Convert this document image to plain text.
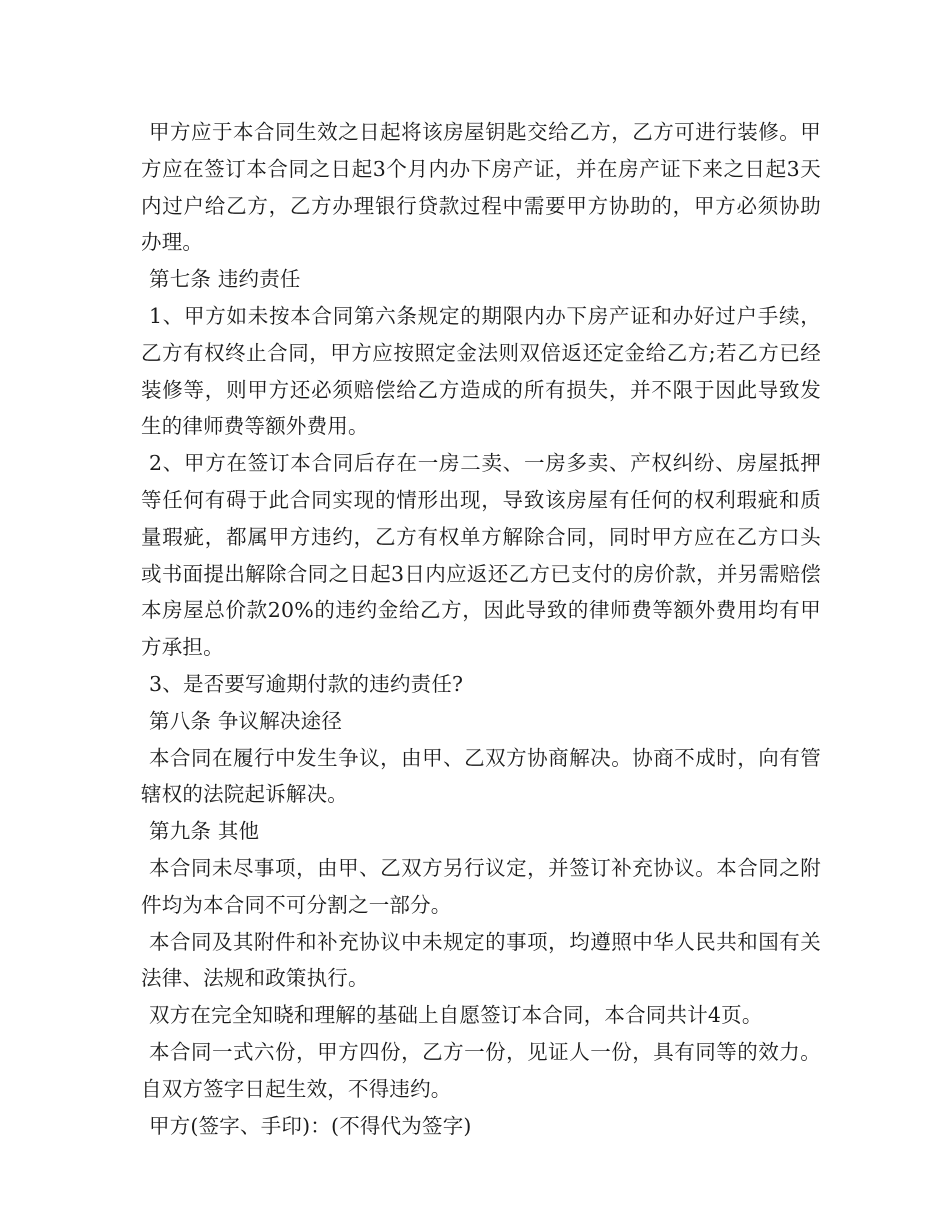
甲方应于本合同生效之日起将该房屋钥匙交给乙方，乙方可进行装修。甲方应在签订本合同之日起3个月内办下房产证，并在房产证下来之日起3天内过户给乙方，乙方办理银行贷款过程中需要甲方协助的，甲方必须协助办理。

第七条 违约责任

1、甲方如未按本合同第六条规定的期限内办下房产证和办好过户手续，乙方有权终止合同，甲方应按照定金法则双倍返还定金给乙方;若乙方已经装修等，则甲方还必须赔偿给乙方造成的所有损失，并不限于因此导致发生的律师费等额外费用。

2、甲方在签订本合同后存在一房二卖、一房多卖、产权纠纷、房屋抵押等任何有碍于此合同实现的情形出现，导致该房屋有任何的权利瑕疵和质量瑕疵，都属甲方违约，乙方有权单方解除合同，同时甲方应在乙方口头或书面提出解除合同之日起3日内应返还乙方已支付的房价款，并另需赔偿本房屋总价款20%的违约金给乙方，因此导致的律师费等额外费用均有甲方承担。

3、是否要写逾期付款的违约责任?

第八条 争议解决途径

本合同在履行中发生争议，由甲、乙双方协商解决。协商不成时，向有管辖权的法院起诉解决。

第九条 其他

本合同未尽事项，由甲、乙双方另行议定，并签订补充协议。本合同之附件均为本合同不可分割之一部分。

本合同及其附件和补充协议中未规定的事项，均遵照中华人民共和国有关法律、法规和政策执行。

双方在完全知晓和理解的基础上自愿签订本合同，本合同共计4页。

本合同一式六份，甲方四份，乙方一份，见证人一份，具有同等的效力。自双方签字日起生效，不得违约。

甲方(签字、手印)：(不得代为签字)
